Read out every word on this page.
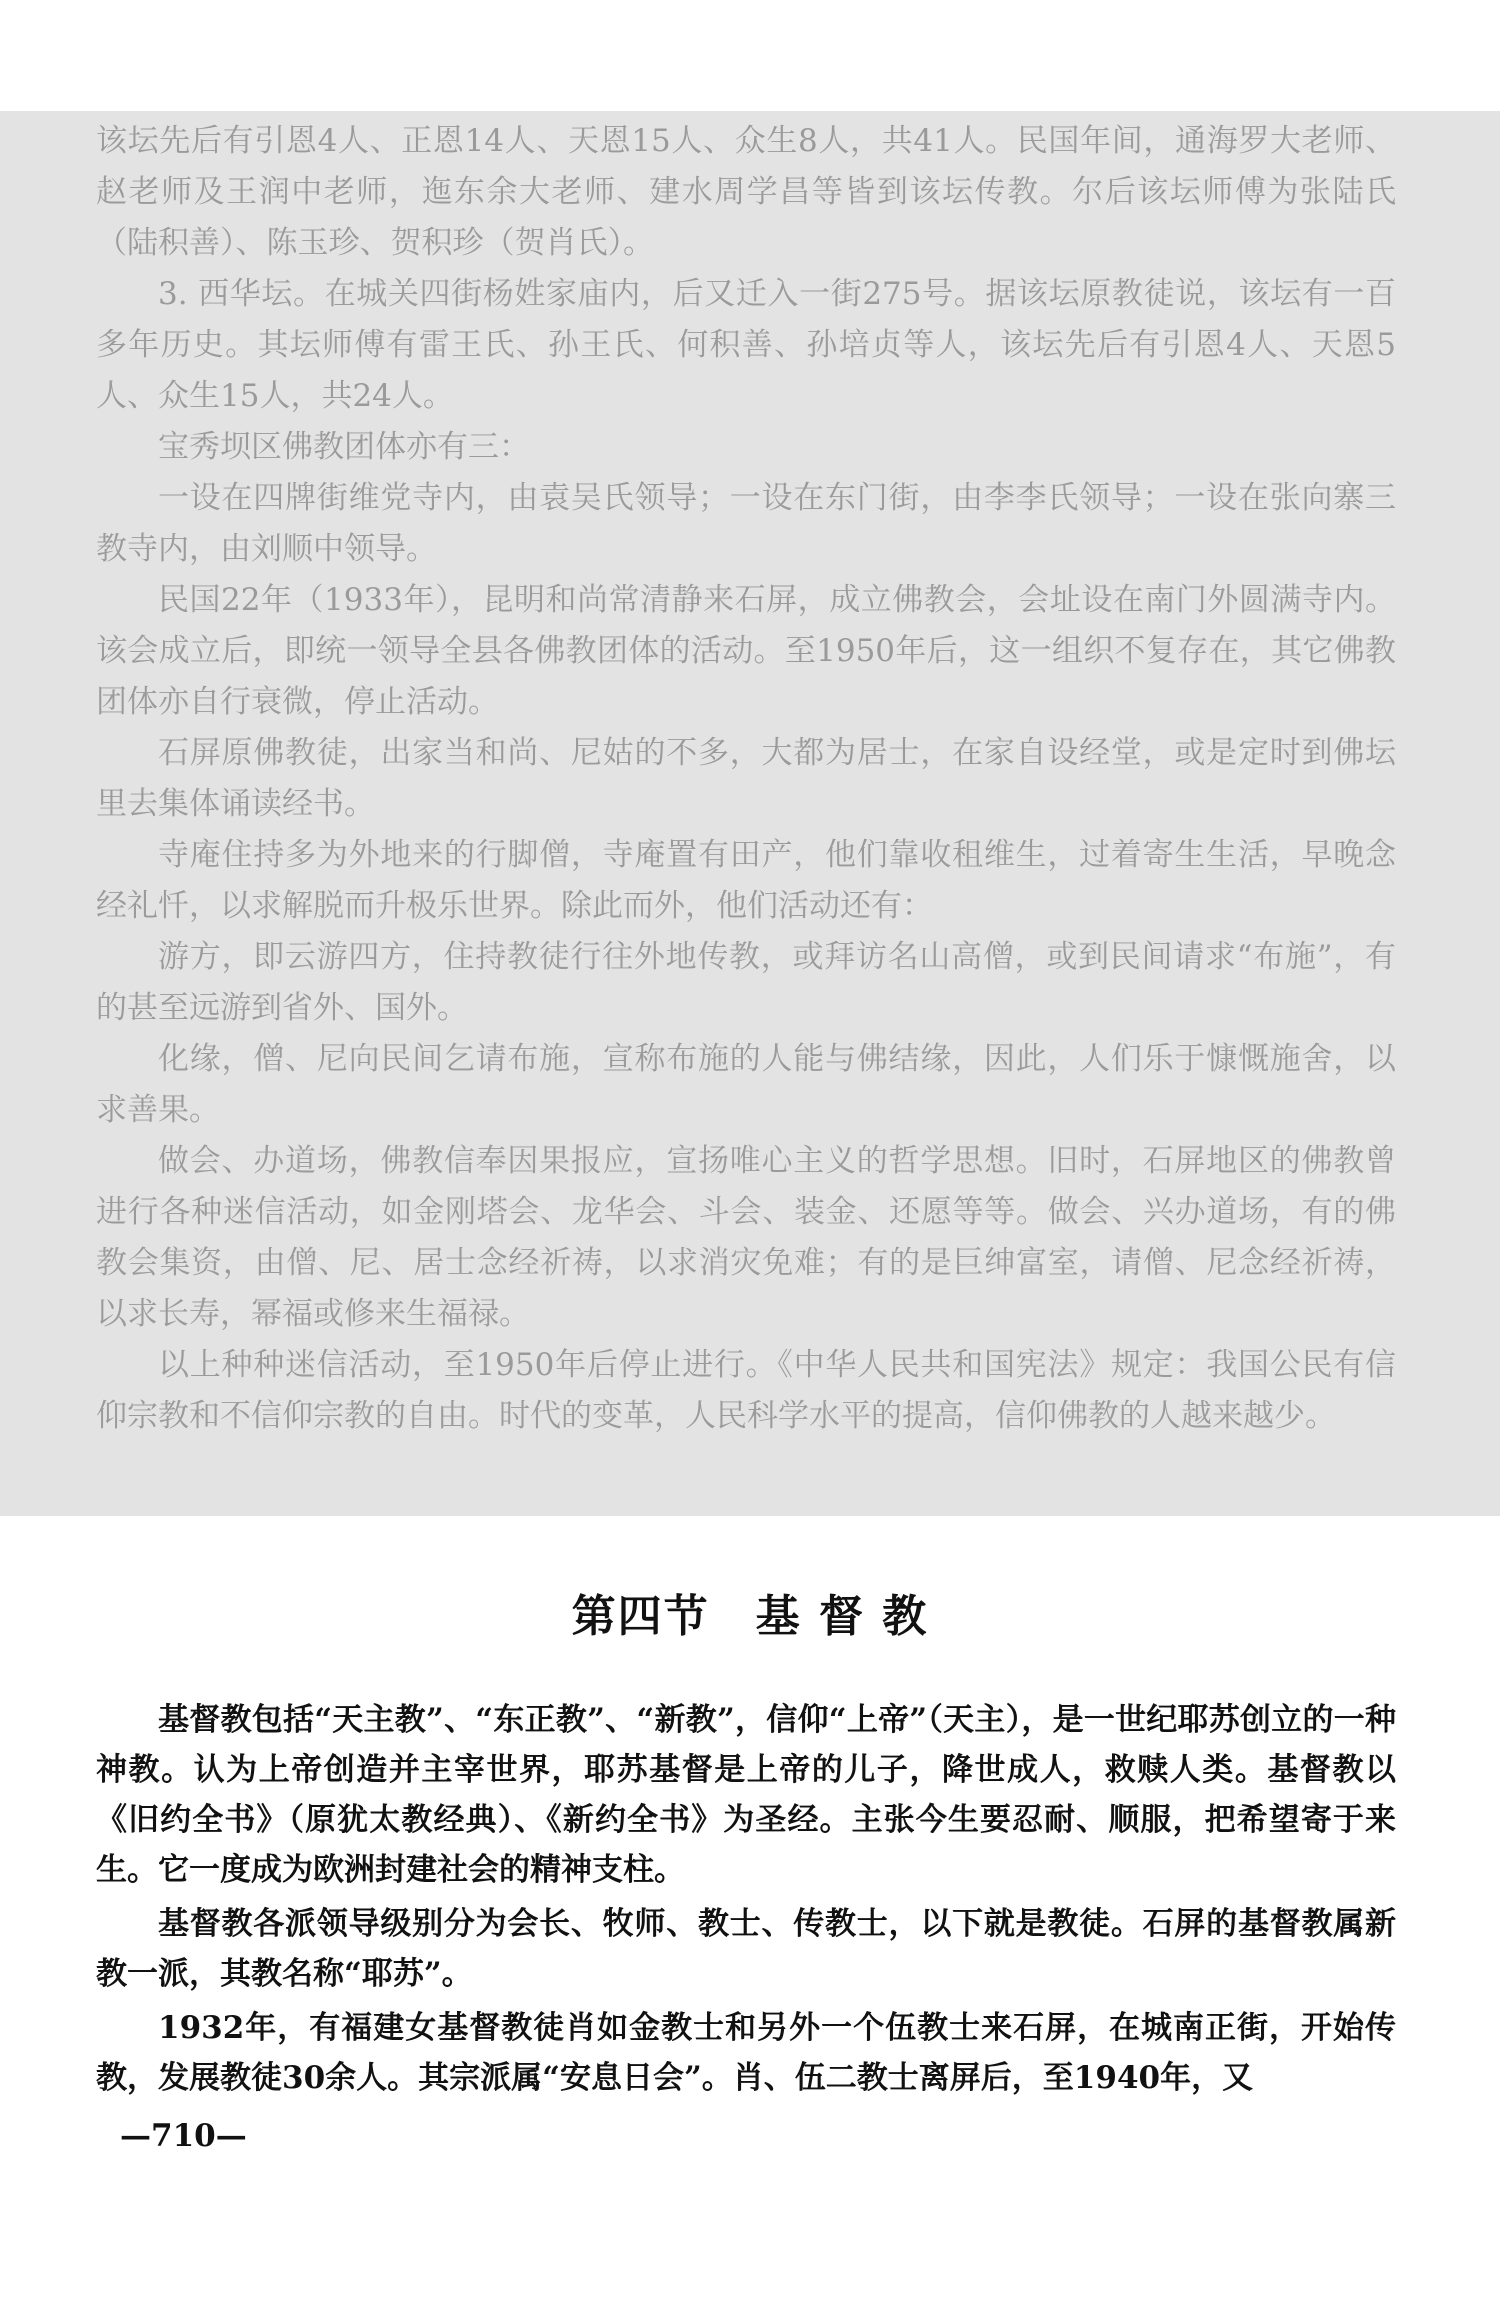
该坛先后有引恩4人、正恩14人、天恩15人、众生8人，共41人。民国年间，通海罗大老师、赵老师及王润中老师，迤东余大老师、建水周学昌等皆到该坛传教。尔后该坛师傅为张陆氏（陆积善）、陈玉珍、贺积珍（贺肖氏）。

3. 西华坛。在城关四街杨姓家庙内，后又迁入一街275号。据该坛原教徒说，该坛有一百多年历史。其坛师傅有雷王氏、孙王氏、何积善、孙培贞等人，该坛先后有引恩4人、天恩5人、众生15人，共24人。

宝秀坝区佛教团体亦有三：

一设在四牌街维党寺内，由袁吴氏领导；一设在东门街，由李李氏领导；一设在张向寨三教寺内，由刘顺中领导。

民国22年（1933年），昆明和尚常清静来石屏，成立佛教会，会址设在南门外圆满寺内。该会成立后，即统一领导全县各佛教团体的活动。至1950年后，这一组织不复存在，其它佛教团体亦自行衰微，停止活动。

石屏原佛教徒，出家当和尚、尼姑的不多，大都为居士，在家自设经堂，或是定时到佛坛里去集体诵读经书。

寺庵住持多为外地来的行脚僧，寺庵置有田产，他们靠收租维生，过着寄生生活，早晚念经礼忏，以求解脱而升极乐世界。除此而外，他们活动还有：

游方，即云游四方，住持教徒行往外地传教，或拜访名山高僧，或到民间请求“布施”，有的甚至远游到省外、国外。

化缘，僧、尼向民间乞请布施，宣称布施的人能与佛结缘，因此，人们乐于慷慨施舍，以求善果。

做会、办道场，佛教信奉因果报应，宣扬唯心主义的哲学思想。旧时，石屏地区的佛教曾进行各种迷信活动，如金刚塔会、龙华会、斗会、装金、还愿等等。做会、兴办道场，有的佛教会集资，由僧、尼、居士念经祈祷，以求消灾免难；有的是巨绅富室，请僧、尼念经祈祷，以求长寿，幂福或修来生福禄。

以上种种迷信活动，至1950年后停止进行。《中华人民共和国宪法》规定：我国公民有信仰宗教和不信仰宗教的自由。时代的变革，人民科学水平的提高，信仰佛教的人越来越少。

第四节　基 督 教

基督教包括“天主教”、“东正教”、“新教”，信仰“上帝”（天主），是一世纪耶苏创立的一种神教。认为上帝创造并主宰世界，耶苏基督是上帝的儿子，降世成人，救赎人类。基督教以《旧约全书》（原犹太教经典）、《新约全书》为圣经。主张今生要忍耐、顺服，把希望寄于来生。它一度成为欧洲封建社会的精神支柱。

基督教各派领导级别分为会长、牧师、教士、传教士，以下就是教徒。石屏的基督教属新教一派，其教名称“耶苏”。

1932年，有福建女基督教徒肖如金教士和另外一个伍教士来石屏，在城南正街，开始传教，发展教徒30余人。其宗派属“安息日会”。肖、伍二教士离屏后，至1940年，又

—710—
